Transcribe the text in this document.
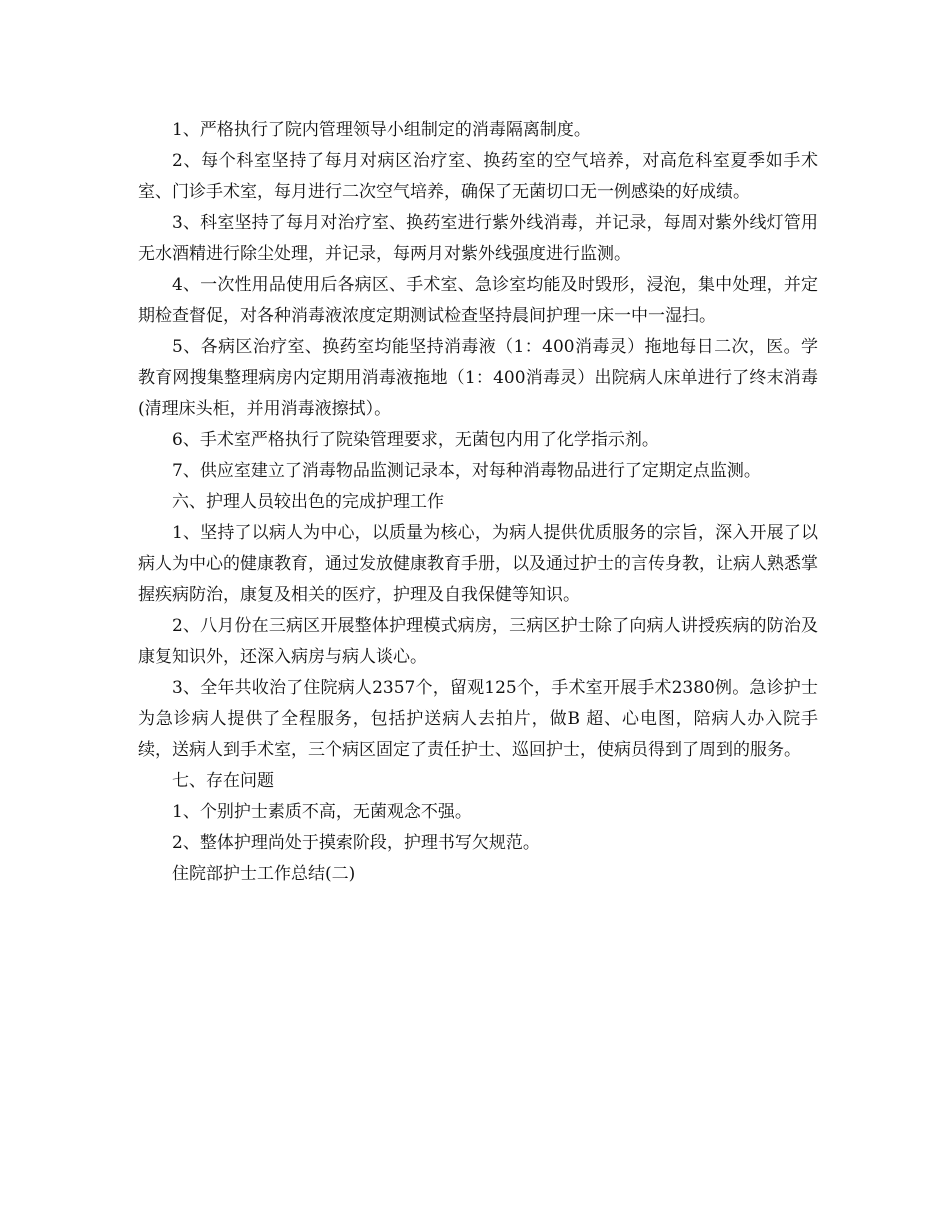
1、严格执行了院内管理领导小组制定的消毒隔离制度。

2、每个科室坚持了每月对病区治疗室、换药室的空气培养，对高危科室夏季如手术室、门诊手术室，每月进行二次空气培养，确保了无菌切口无一例感染的好成绩。

3、科室坚持了每月对治疗室、换药室进行紫外线消毒，并记录，每周对紫外线灯管用无水酒精进行除尘处理，并记录，每两月对紫外线强度进行监测。

4、一次性用品使用后各病区、手术室、急诊室均能及时毁形，浸泡，集中处理，并定期检查督促，对各种消毒液浓度定期测试检查坚持晨间护理一床一中一湿扫。

5、各病区治疗室、换药室均能坚持消毒液（1：400消毒灵）拖地每日二次，医。学教育网搜集整理病房内定期用消毒液拖地（1：400消毒灵）出院病人床单进行了终末消毒(清理床头柜，并用消毒液擦拭）。

6、手术室严格执行了院染管理要求，无菌包内用了化学指示剂。

7、供应室建立了消毒物品监测记录本，对每种消毒物品进行了定期定点监测。

六、护理人员较出色的完成护理工作

1、坚持了以病人为中心，以质量为核心，为病人提供优质服务的宗旨，深入开展了以病人为中心的健康教育，通过发放健康教育手册，以及通过护士的言传身教，让病人熟悉掌握疾病防治，康复及相关的医疗，护理及自我保健等知识。

2、八月份在三病区开展整体护理模式病房，三病区护士除了向病人讲授疾病的防治及康复知识外，还深入病房与病人谈心。

3、全年共收治了住院病人2357个，留观125个，手术室开展手术2380例。急诊护士为急诊病人提供了全程服务，包括护送病人去拍片，做B 超、心电图，陪病人办入院手续，送病人到手术室，三个病区固定了责任护士、巡回护士，使病员得到了周到的服务。

七、存在问题

1、个别护士素质不高，无菌观念不强。

2、整体护理尚处于摸索阶段，护理书写欠规范。

住院部护士工作总结(二)
